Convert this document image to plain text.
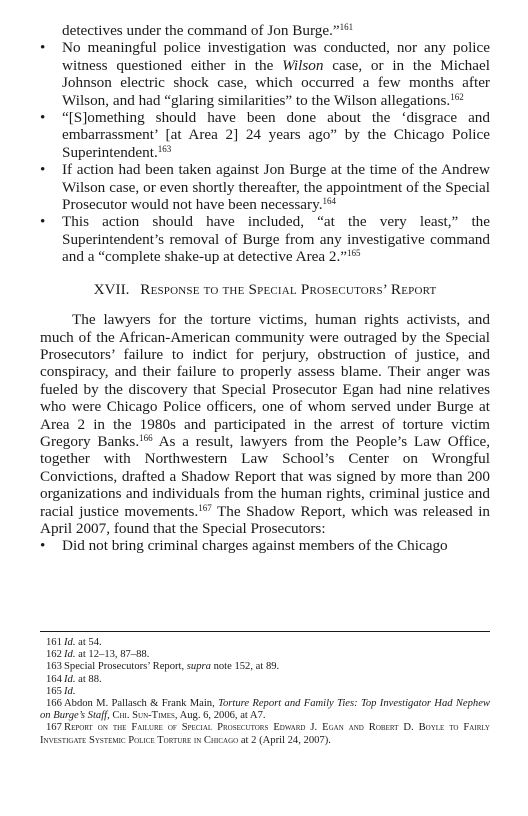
detectives under the command of Jon Burge.”$^{161}$

• No meaningful police investigation was conducted, nor any police witness questioned either in the Wilson case, or in the Michael Johnson electric shock case, which occurred a few months after Wilson, and had “glaring similarities” to the Wilson allegations.$^{162}$
• “[S]omething should have been done about the ‘disgrace and embarrassment’ [at Area 2] 24 years ago” by the Chicago Police Superintendent.$^{163}$
• If action had been taken against Jon Burge at the time of the Andrew Wilson case, or even shortly thereafter, the appointment of the Special Prosecutor would not have been necessary.$^{164}$
• This action should have included, “at the very least,” the Superintendent’s removal of Burge from any investigative command and a “complete shake-up at detective Area 2.”$^{165}$
XVII. Response to the Special Prosecutors’ Report

The lawyers for the torture victims, human rights activists, and much of the African-American community were outraged by the Special Prosecutors’ failure to indict for perjury, obstruction of justice, and conspiracy, and their failure to properly assess blame. Their anger was fueled by the discovery that Special Prosecutor Egan had nine relatives who were Chicago Police officers, one of whom served under Burge at Area 2 in the 1980s and participated in the arrest of torture victim Gregory Banks.$^{166}$ As a result, lawyers from the People’s Law Office, together with Northwestern Law School’s Center on Wrongful Convictions, drafted a Shadow Report that was signed by more than 200 organizations and individuals from the human rights, criminal justice and racial justice movements.$^{167}$ The Shadow Report, which was released in April 2007, found that the Special Prosecutors:

• Did not bring criminal charges against members of the Chicago

161 Id. at 54.

162 Id. at 12–13, 87–88.

163 Special Prosecutors’ Report, supra note 152, at 89.

164 Id. at 88.

165 Id.

166 Abdon M. Pallasch & Frank Main, Torture Report and Family Ties: Top Investigator Had Nephew on Burge’s Staff, Chi. Sun-Times, Aug. 6, 2006, at A7.

167 Report on the Failure of Special Prosecutors Edward J. Egan and Robert D. Boyle to Fairly Investigate Systemic Police Torture in Chicago at 2 (April 24, 2007).
